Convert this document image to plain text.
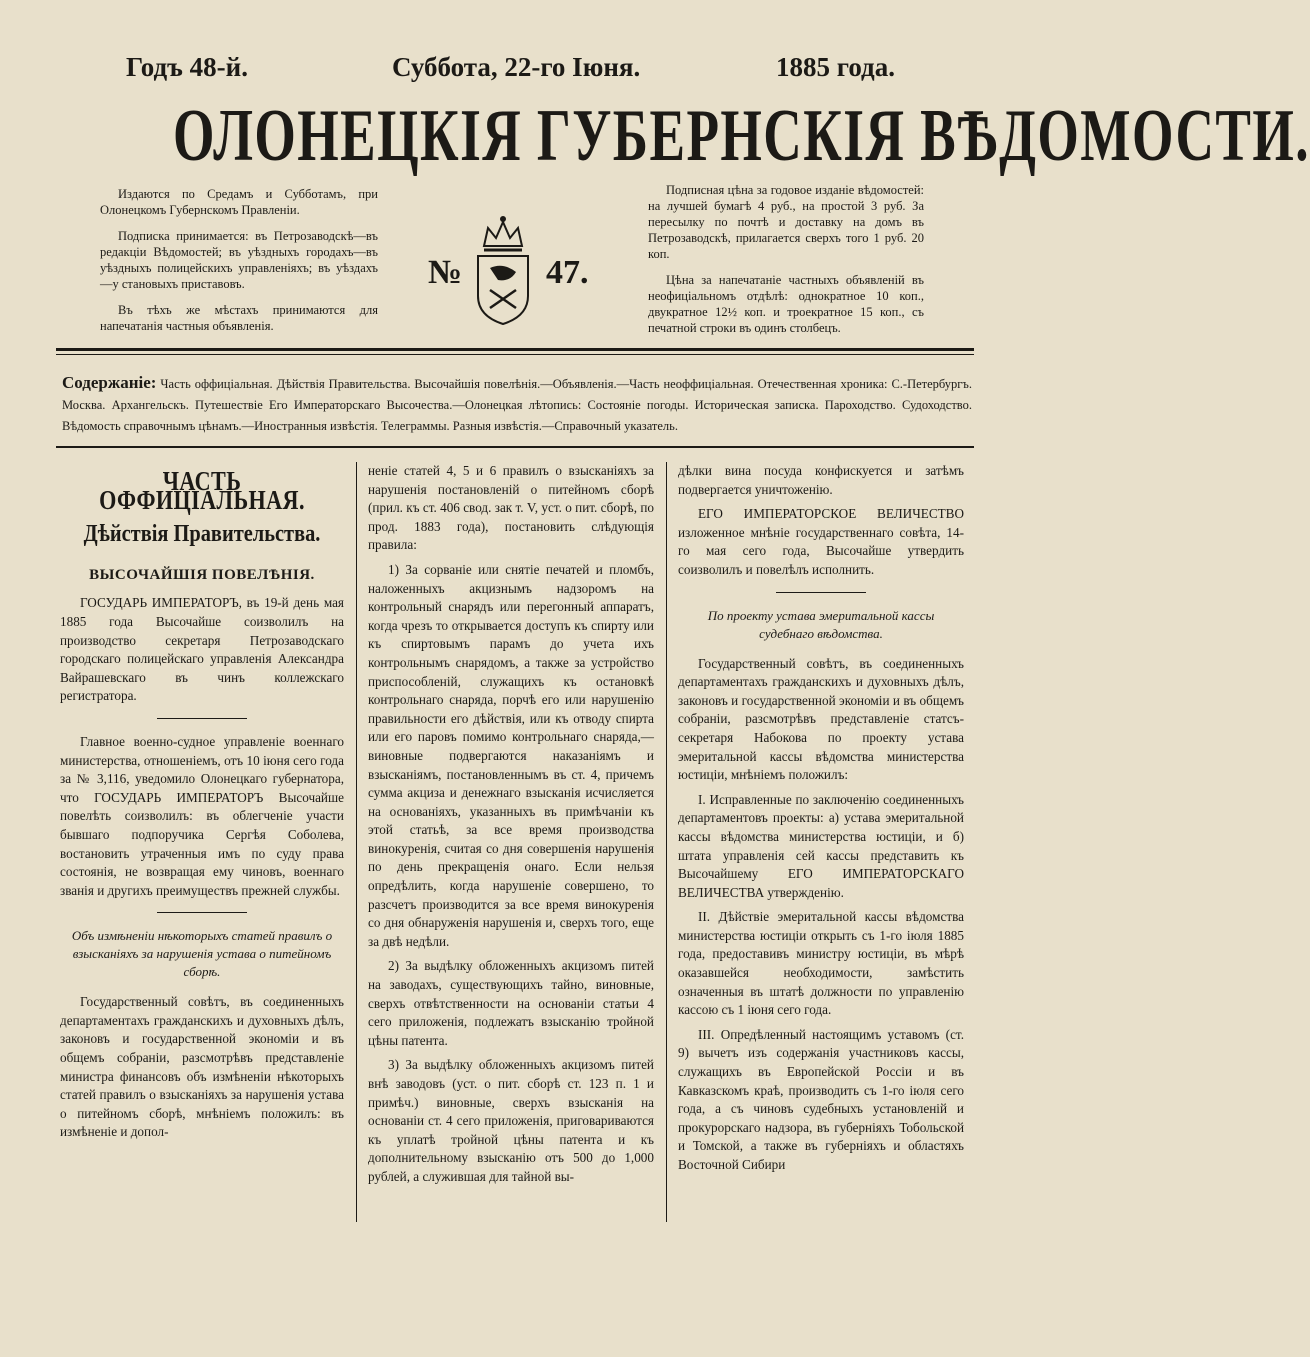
Годъ 48-й.	Суббота, 22-го Іюня.	1885 года.
ОЛОНЕЦКІЯ ГУБЕРНСКІЯ ВѢДОМОСТИ.

Издаются по Средамъ и Субботамъ, при Олонецкомъ Губернскомъ Правленіи.

Подписка принимается: въ Петрозаводскѣ—въ редакціи Вѣдомостей; въ уѣздныхъ городахъ—въ уѣздныхъ полицейскихъ управленіяхъ; въ уѣздахъ—у становыхъ приставовъ.

Въ тѣхъ же мѣстахъ принимаются для напечатанія частныя объявленія.

№ 47.

Подписная цѣна за годовое изданіе вѣдомостей: на лучшей бумагѣ 4 руб., на простой 3 руб. За пересылку по почтѣ и доставку на домъ въ Петрозаводскѣ, прилагается сверхъ того 1 руб. 20 коп.

Цѣна за напечатаніе частныхъ объявленій въ неофиціальномъ отдѣлѣ: однократное 10 коп., двукратное 12½ коп. и троекратное 15 коп., съ печатной строки въ одинъ столбецъ.

Содержаніе: Часть оффиціальная. Дѣйствія Правительства. Высочайшія повелѣнія.—Объявленія.—Часть неоффиціальная. Отечественная хроника: С.-Петербургъ. Москва. Архангельскъ. Путешествіе Его Императорскаго Высочества.—Олонецкая лѣтопись: Состояніе погоды. Историческая записка. Пароходство. Судоходство. Вѣдомость справочнымъ цѣнамъ.—Иностранныя извѣстія. Телеграммы. Разныя извѣстія.—Справочный указатель.
ЧАСТЬ ОФФИЦІАЛЬНАЯ.
Дѣйствія Правительства.
ВЫСОЧАЙШІЯ ПОВЕЛѢНІЯ.

ГОСУДАРЬ ИМПЕРАТОРЪ, въ 19-й день мая 1885 года Высочайше соизволилъ на производство секретаря Петрозаводскаго городскаго полицейскаго управленія Александра Вайрашевскаго въ чинъ коллежскаго регистратора.

Главное военно-судное управленіе военнаго министерства, отношеніемъ, отъ 10 іюня сего года за № 3,116, уведомило Олонецкаго губернатора, что ГОСУДАРЬ ИМПЕРАТОРЪ Высочайше повелѣть соизволилъ: въ облегченіе участи бывшаго подпоручика Сергѣя Соболева, востановить утраченныя имъ по суду права состоянія, не возвращая ему чиновъ, военнаго званія и другихъ преимуществъ прежней службы.

Объ измѣненіи нѣкоторыхъ статей правилъ о взысканіяхъ за нарушенія устава о питейномъ сборѣ.

Государственный совѣтъ, въ соединенныхъ департаментахъ гражданскихъ и духовныхъ дѣлъ, законовъ и государственной экономіи и въ общемъ собраніи, разсмотрѣвъ представленіе министра финансовъ объ измѣненіи нѣкоторыхъ статей правилъ о взысканіяхъ за нарушенія устава о питейномъ сборѣ, мнѣніемъ положилъ: въ измѣненіе и допол-

неніе статей 4, 5 и 6 правилъ о взысканіяхъ за нарушенія постановленій о питейномъ сборѣ (прил. къ ст. 406 свод. зак т. V, уст. о пит. сборѣ, по прод. 1883 года), постановить слѣдующія правила:

1) За сорваніе или снятіе печатей и пломбъ, наложенныхъ акцизнымъ надзоромъ на контрольный снарядъ или перегонный аппаратъ, когда чрезъ то открывается доступъ къ спирту или къ спиртовымъ парамъ до учета ихъ контрольнымъ снарядомъ, а также за устройство приспособленій, служащихъ къ остановкѣ контрольнаго снаряда, порчѣ его или нарушенію правильности его дѣйствія, или къ отводу спирта или его паровъ помимо контрольнаго снаряда,—виновные подвергаются наказаніямъ и взысканіямъ, постановленнымъ въ ст. 4, причемъ сумма акциза и денежнаго взысканія исчисляется на основаніяхъ, указанныхъ въ примѣчаніи къ этой статьѣ, за все время производства винокуренія, считая со дня совершенія нарушенія по день прекращенія онаго. Если нельзя опредѣлить, когда нарушеніе совершено, то разсчетъ производится за все время винокуренія со дня обнаруженія нарушенія и, сверхъ того, еще за двѣ недѣли.

2) За выдѣлку обложенныхъ акцизомъ питей на заводахъ, существующихъ тайно, виновные, сверхъ отвѣтственности на основаніи статьи 4 сего приложенія, подлежатъ взысканію тройной цѣны патента.

3) За выдѣлку обложенныхъ акцизомъ питей внѣ заводовъ (уст. о пит. сборѣ ст. 123 п. 1 и примѣч.) виновные, сверхъ взысканія на основаніи ст. 4 сего приложенія, приговариваются къ уплатѣ тройной цѣны патента и къ дополнительному взысканію отъ 500 до 1,000 рублей, а служившая для тайной вы-

дѣлки вина посуда конфискуется и затѣмъ подвергается уничтоженію.

ЕГО ИМПЕРАТОРСКОЕ ВЕЛИЧЕСТВО изложенное мнѣніе государственнаго совѣта, 14-го мая сего года, Высочайше утвердить соизволилъ и повелѣлъ исполнить.

По проекту устава эмеритальной кассы судебнаго вѣдомства.

Государственный совѣтъ, въ соединенныхъ департаментахъ гражданскихъ и духовныхъ дѣлъ, законовъ и государственной экономіи и въ общемъ собраніи, разсмотрѣвъ представленіе статсъ-секретаря Набокова по проекту устава эмеритальной кассы вѣдомства министерства юстиціи, мнѣніемъ положилъ:

I. Исправленные по заключенію соединенныхъ департаментовъ проекты: а) устава эмеритальной кассы вѣдомства министерства юстиціи, и б) штата управленія сей кассы представить къ Высочайшему ЕГО ИМПЕРАТОРСКАГО ВЕЛИЧЕСТВА утвержденію.

II. Дѣйствіе эмеритальной кассы вѣдомства министерства юстиціи открыть съ 1-го іюля 1885 года, предоставивъ министру юстиціи, въ мѣрѣ оказавшейся необходимости, замѣстить означенныя въ штатѣ должности по управленію кассою съ 1 іюня сего года.

III. Опредѣленный настоящимъ уставомъ (ст. 9) вычетъ изъ содержанія участниковъ кассы, служащихъ въ Европейской Россіи и въ Кавказскомъ краѣ, производить съ 1-го іюля сего года, а съ чиновъ судебныхъ установленій и прокурорскаго надзора, въ губерніяхъ Тобольской и Томской, а также въ губерніяхъ и областяхъ Восточной Сибири
